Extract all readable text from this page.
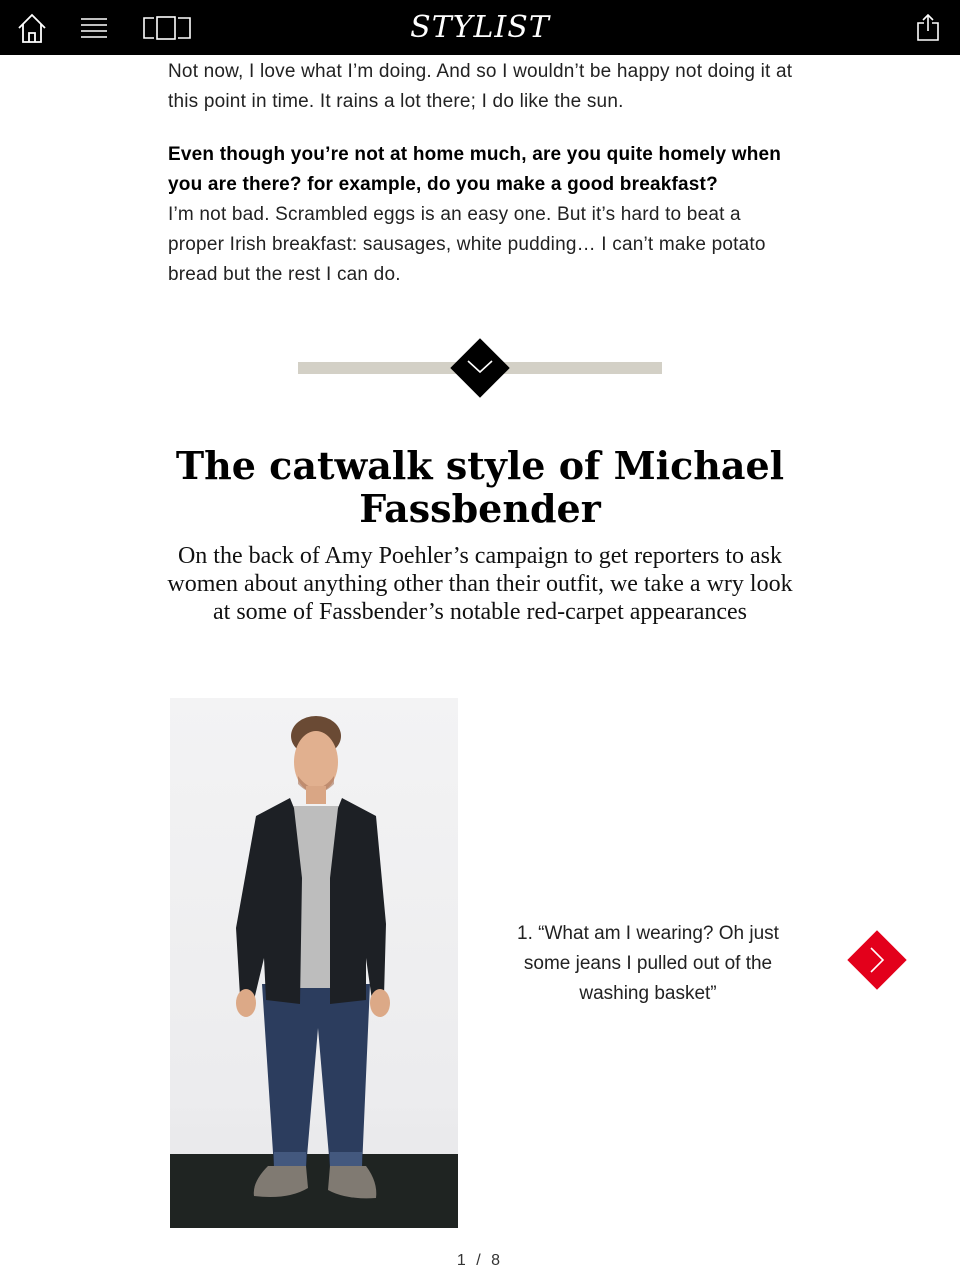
STYLIST

Not now, I love what I’m doing. And so I wouldn’t be happy not doing it at this point in time. It rains a lot there; I do like the sun.

Even though you’re not at home much, are you quite homely when you are there? for example, do you make a good breakfast?

I’m not bad. Scrambled eggs is an easy one. But it’s hard to beat a proper Irish breakfast: sausages, white pudding… I can’t make potato bread but the rest I can do.

The catwalk style of Michael Fassbender
On the back of Amy Poehler’s campaign to get reporters to ask women about anything other than their outfit, we take a wry look at some of Fassbender’s notable red-carpet appearances
1. “What am I wearing? Oh just some jeans I pulled out of the washing basket”
1 / 8
